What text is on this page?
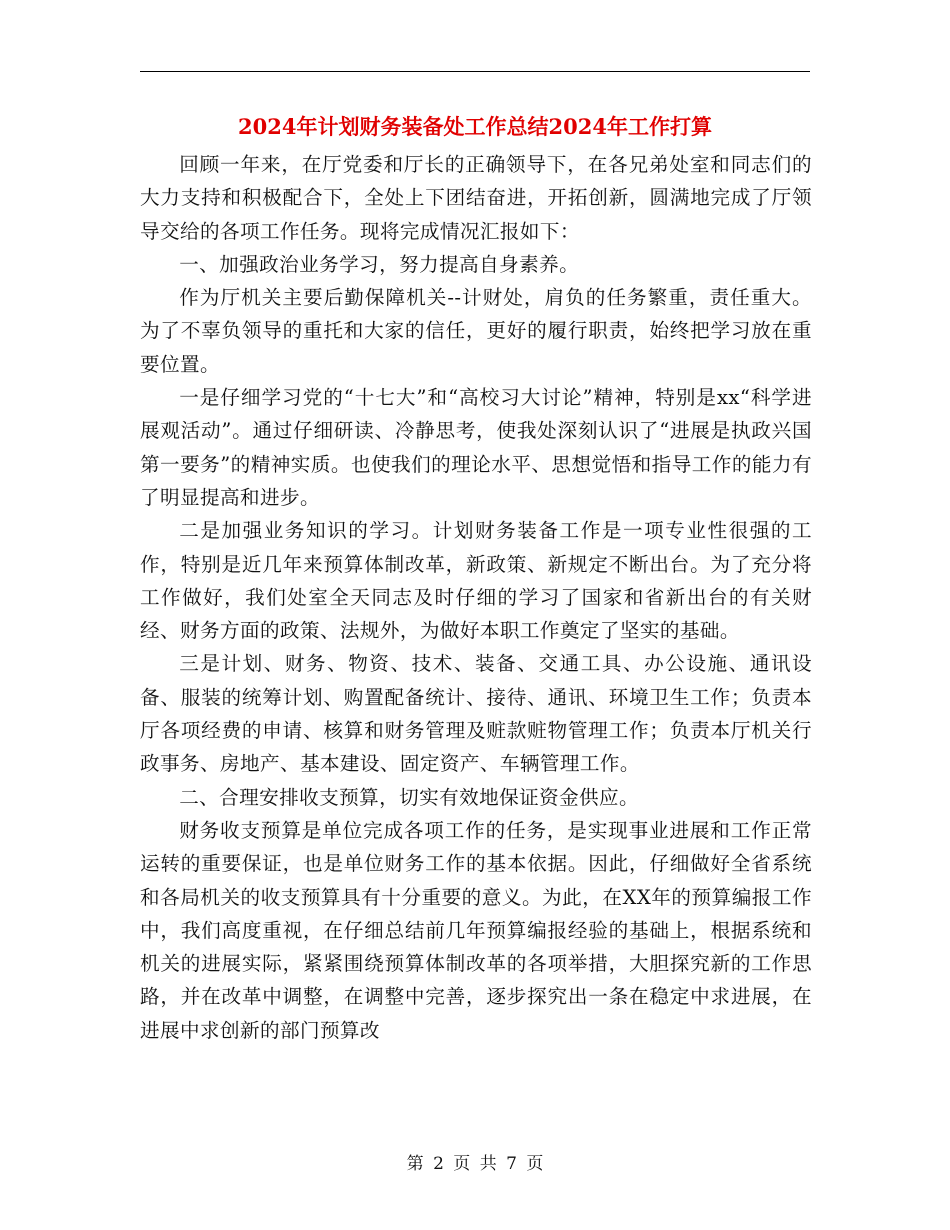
2024年计划财务装备处工作总结2024年工作打算

回顾一年来，在厅党委和厅长的正确领导下，在各兄弟处室和同志们的大力支持和积极配合下，全处上下团结奋进，开拓创新，圆满地完成了厅领导交给的各项工作任务。现将完成情况汇报如下：

一、加强政治业务学习，努力提高自身素养。

作为厅机关主要后勤保障机关--计财处，肩负的任务繁重，责任重大。为了不辜负领导的重托和大家的信任，更好的履行职责，始终把学习放在重要位置。

一是仔细学习党的“十七大”和“高校习大讨论”精神，特别是xx“科学进展观活动”。通过仔细研读、冷静思考，使我处深刻认识了“进展是执政兴国第一要务”的精神实质。也使我们的理论水平、思想觉悟和指导工作的能力有了明显提高和进步。

二是加强业务知识的学习。计划财务装备工作是一项专业性很强的工作，特别是近几年来预算体制改革，新政策、新规定不断出台。为了充分将工作做好，我们处室全天同志及时仔细的学习了国家和省新出台的有关财经、财务方面的政策、法规外，为做好本职工作奠定了坚实的基础。

三是计划、财务、物资、技术、装备、交通工具、办公设施、通讯设备、服装的统筹计划、购置配备统计、接待、通讯、环境卫生工作；负责本厅各项经费的申请、核算和财务管理及赃款赃物管理工作；负责本厅机关行政事务、房地产、基本建设、固定资产、车辆管理工作。

二、合理安排收支预算，切实有效地保证资金供应。

财务收支预算是单位完成各项工作的任务，是实现事业进展和工作正常运转的重要保证，也是单位财务工作的基本依据。因此，仔细做好全省系统和各局机关的收支预算具有十分重要的意义。为此，在XX年的预算编报工作中，我们高度重视，在仔细总结前几年预算编报经验的基础上，根据系统和机关的进展实际，紧紧围绕预算体制改革的各项举措，大胆探究新的工作思路，并在改革中调整，在调整中完善，逐步探究出一条在稳定中求进展，在进展中求创新的部门预算改

第 2 页 共 7 页
